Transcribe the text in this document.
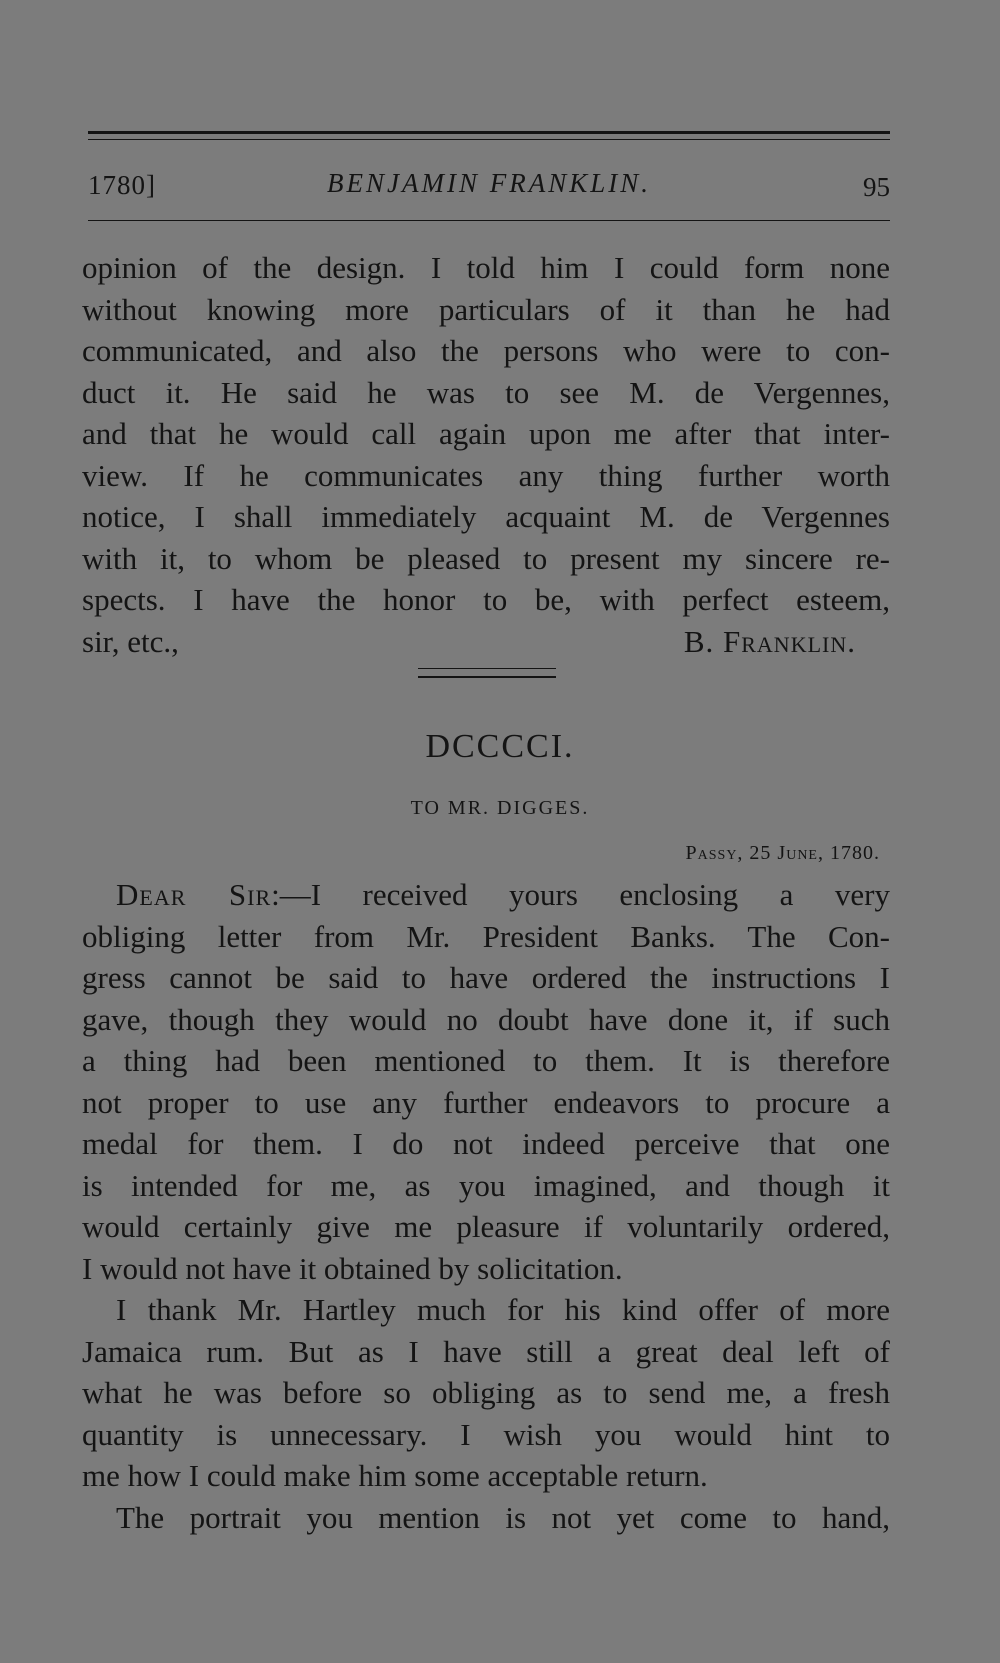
1780]	BENJAMIN FRANKLIN.	95
opinion of the design. I told him I could form none
without knowing more particulars of it than he had
communicated, and also the persons who were to con-
duct it. He said he was to see M. de Vergennes,
and that he would call again upon me after that inter-
view. If he communicates any thing further worth
notice, I shall immediately acquaint M. de Vergennes
with it, to whom be pleased to present my sincere re-
spects. I have the honor to be, with perfect esteem,
sir, etc.,	B. Franklin.
DCCCCI.
TO MR. DIGGES.
Passy, 25 June, 1780.
Dear Sir:—I received yours enclosing a very
obliging letter from Mr. President Banks. The Con-
gress cannot be said to have ordered the instructions I
gave, though they would no doubt have done it, if such
a thing had been mentioned to them. It is therefore
not proper to use any further endeavors to procure a
medal for them. I do not indeed perceive that one
is intended for me, as you imagined, and though it
would certainly give me pleasure if voluntarily ordered,
I would not have it obtained by solicitation.
I thank Mr. Hartley much for his kind offer of more
Jamaica rum. But as I have still a great deal left of
what he was before so obliging as to send me, a fresh
quantity is unnecessary. I wish you would hint to
me how I could make him some acceptable return.
The portrait you mention is not yet come to hand,
